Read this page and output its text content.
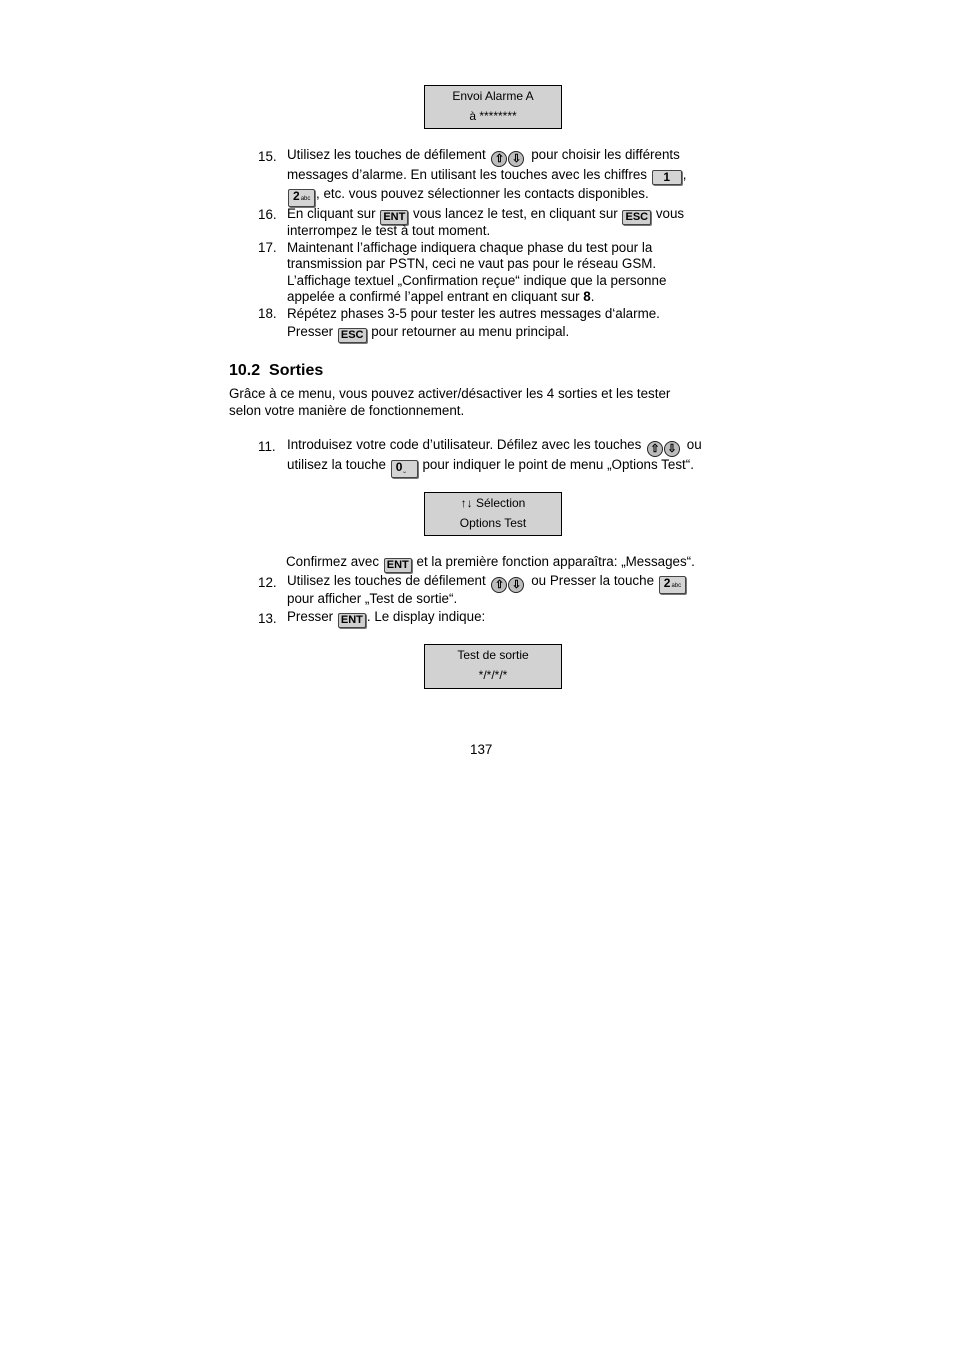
Envoi Alarme A
à ********
15. Utilisez les touches de défilement ⇧ ⇩ pour choisir les différents
messages d’alarme. En utilisant les touches avec les chiffres 1 ,
2abc , etc. vous pouvez sélectionner les contacts disponibles.
16. En cliquant sur ENT vous lancez le test, en cliquant sur ESC vous
interrompez le test à tout moment.
17. Maintenant l’affichage indiquera chaque phase du test pour la
transmission par PSTN, ceci ne vaut pas pour le réseau GSM.
L’affichage textuel „Confirmation reçue“ indique que la personne
appelée a confirmé l’appel entrant en cliquant sur 8.
18. Répétez phases 3-5 pour tester les autres messages d‘alarme.
Presser ESC pour retourner au menu principal.
10.2 Sorties
Grâce à ce menu, vous pouvez activer/désactiver les 4 sorties et les tester
selon votre manière de fonctionnement.
11. Introduisez votre code d’utilisateur. Défilez avec les touches ⇧ ⇩ ou
utilisez la touche 0⎵ pour indiquer le point de menu „Options Test“.
↑↓ Sélection
Options Test
Confirmez avec ENT et la première fonction apparaîtra: „Messages“.
12. Utilisez les touches de défilement ⇧ ⇩ ou Presser la touche 2abc
pour afficher „Test de sortie“.
13. Presser ENT . Le display indique:
Test de sortie
*/*/*/*
137
